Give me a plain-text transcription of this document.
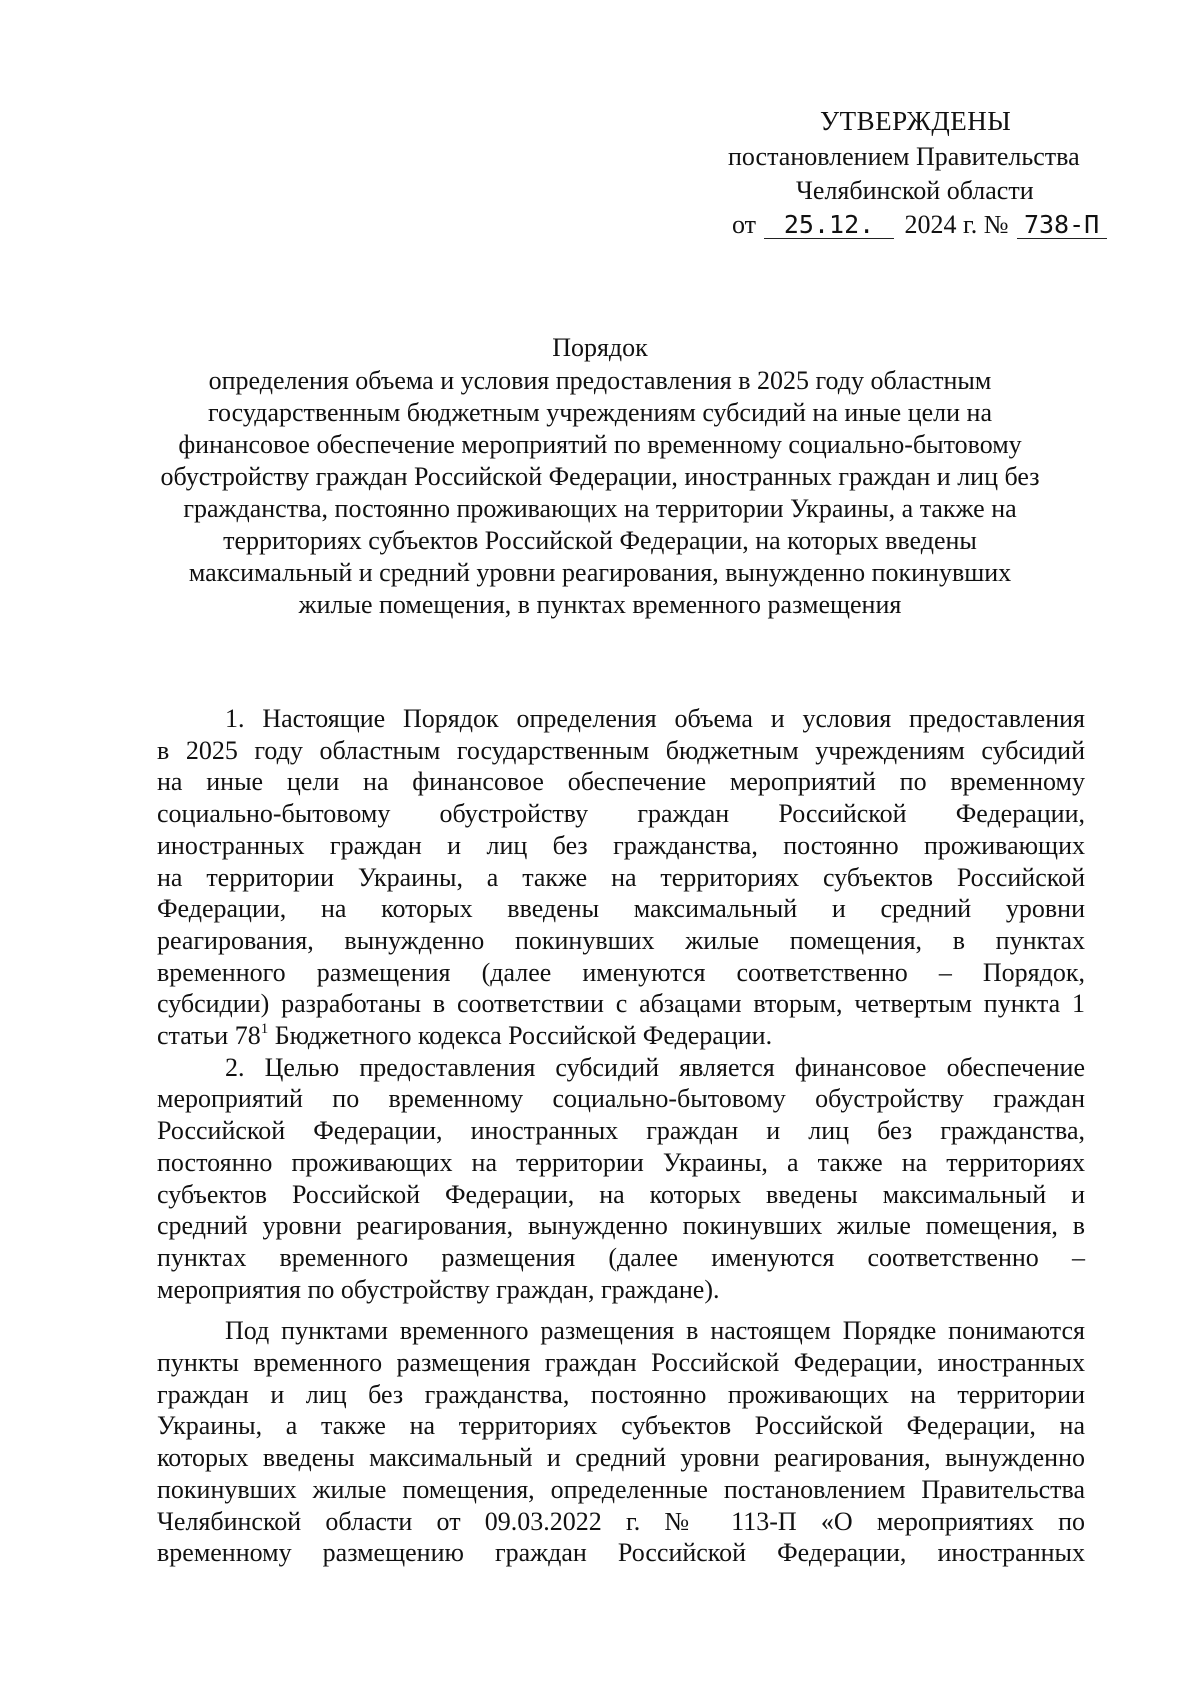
УТВЕРЖДЕНЫ
постановлением Правительства
Челябинской области
от 25.12. 2024 г. № 738-П
Порядок
определения объема и условия предоставления в 2025 году областным
государственным бюджетным учреждениям субсидий на иные цели на
финансовое обеспечение мероприятий по временному социально-бытовому
обустройству граждан Российской Федерации, иностранных граждан и лиц без
гражданства, постоянно проживающих на территории Украины, а также на
территориях субъектов Российской Федерации, на которых введены
максимальный и средний уровни реагирования, вынужденно покинувших
жилые помещения, в пунктах временного размещения
1. Настоящие Порядок определения объема и условия предоставления
в 2025 году областным государственным бюджетным учреждениям субсидий
на иные цели на финансовое обеспечение мероприятий по временному
социально-бытовому обустройству граждан Российской Федерации,
иностранных граждан и лиц без гражданства, постоянно проживающих
на территории Украины, а также на территориях субъектов Российской
Федерации, на которых введены максимальный и средний уровни
реагирования, вынужденно покинувших жилые помещения, в пунктах
временного размещения (далее именуются соответственно – Порядок,
субсидии) разработаны в соответствии с абзацами вторым, четвертым пункта 1
статьи $78^1$ Бюджетного кодекса Российской Федерации.
2. Целью предоставления субсидий является финансовое обеспечение
мероприятий по временному социально-бытовому обустройству граждан
Российской Федерации, иностранных граждан и лиц без гражданства,
постоянно проживающих на территории Украины, а также на территориях
субъектов Российской Федерации, на которых введены максимальный и
средний уровни реагирования, вынужденно покинувших жилые помещения, в
пунктах временного размещения (далее именуются соответственно –
мероприятия по обустройству граждан, граждане).
Под пунктами временного размещения в настоящем Порядке понимаются
пункты временного размещения граждан Российской Федерации, иностранных
граждан и лиц без гражданства, постоянно проживающих на территории
Украины, а также на территориях субъектов Российской Федерации, на
которых введены максимальный и средний уровни реагирования, вынужденно
покинувших жилые помещения, определенные постановлением Правительства
Челябинской области от 09.03.2022 г. № 113-П «О мероприятиях по
временному размещению граждан Российской Федерации, иностранных
